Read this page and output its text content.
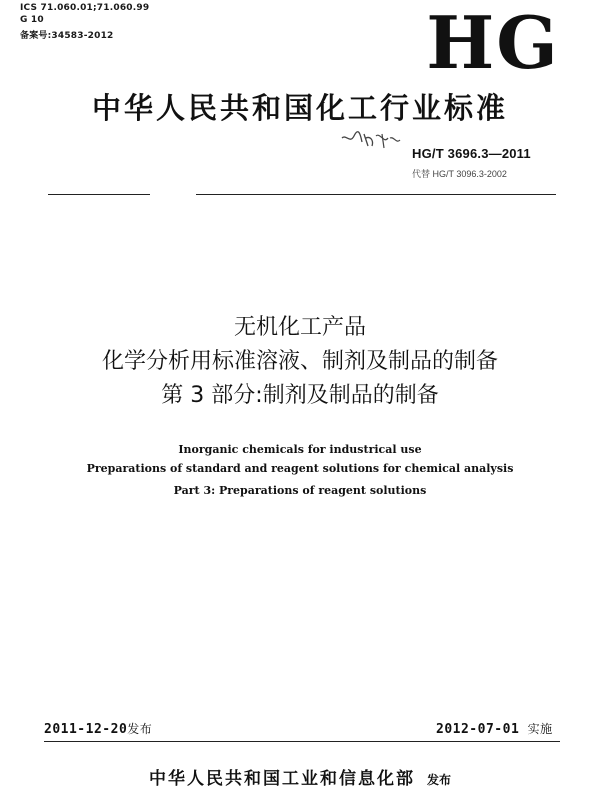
ICS 71.060.01;71.060.99
G 10
备案号:34583-2012	HG
中华人民共和国化工行业标准
HG/T 3696.3—2011
代替 HG/T 3096.3-2002
无机化工产品
化学分析用标准溶液、制剂及制品的制备
第 3 部分:制剂及制品的制备
Inorganic chemicals for industrical use
Preparations of standard and reagent solutions for chemical analysis
Part 3: Preparations of reagent solutions
2011-12-20发布	2012-07-01 实施
中华人民共和国工业和信息化部 发布
